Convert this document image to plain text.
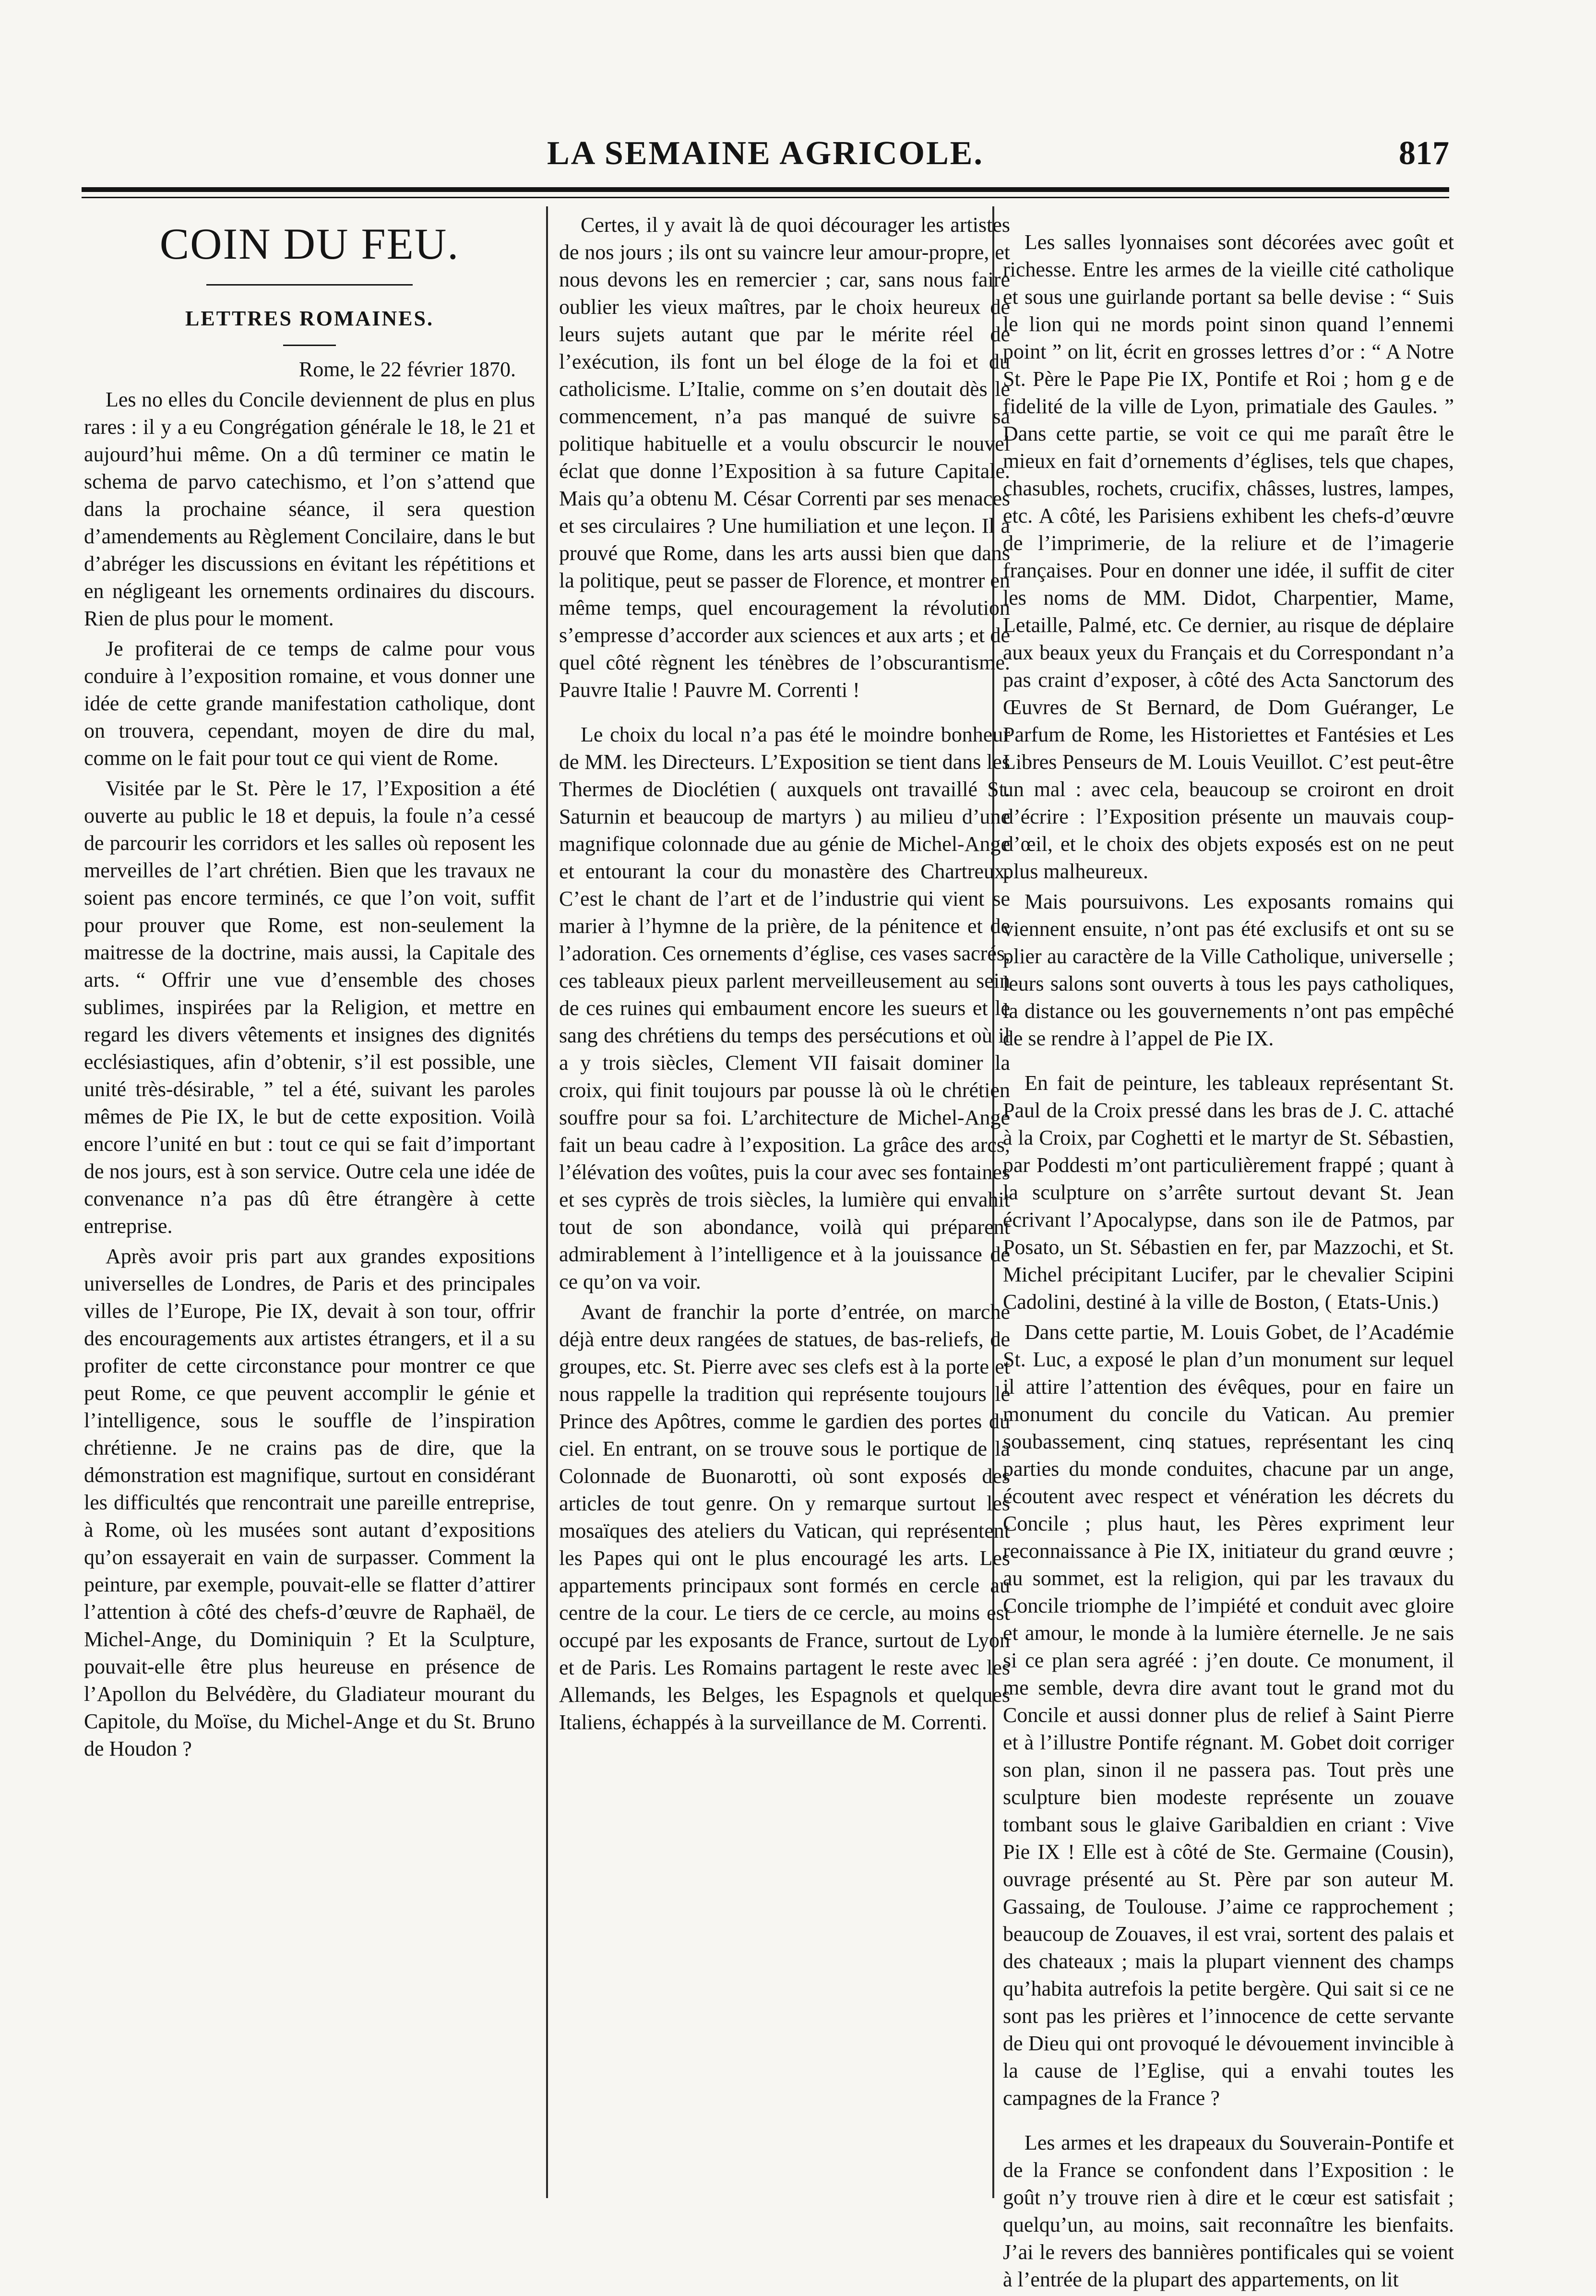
LA SEMAINE AGRICOLE.	817
COIN DU FEU.
LETTRES ROMAINES.
Rome, le 22 février 1870.

Les no elles du Concile deviennent de plus en plus rares : il y a eu Congrégation générale le 18, le 21 et aujourd’hui même. On a dû terminer ce matin le schema de parvo catechismo, et l’on s’attend que dans la prochaine séance, il sera question d’amendements au Règlement Concilaire, dans le but d’abréger les discussions en évitant les répétitions et en négligeant les ornements ordinaires du discours. Rien de plus pour le moment.

Je profiterai de ce temps de calme pour vous conduire à l’exposition romaine, et vous donner une idée de cette grande manifestation catholique, dont on trouvera, cependant, moyen de dire du mal, comme on le fait pour tout ce qui vient de Rome.

Visitée par le St. Père le 17, l’Exposition a été ouverte au public le 18 et depuis, la foule n’a cessé de parcourir les corridors et les salles où reposent les merveilles de l’art chrétien. Bien que les travaux ne soient pas encore terminés, ce que l’on voit, suffit pour prouver que Rome, est non-seulement la maitresse de la doctrine, mais aussi, la Capitale des arts. “ Offrir une vue d’ensemble des choses sublimes, inspirées par la Religion, et mettre en regard les divers vêtements et insignes des dignités ecclésiastiques, afin d’obtenir, s’il est possible, une unité très-désirable, ” tel a été, suivant les paroles mêmes de Pie IX, le but de cette exposition. Voilà encore l’unité en but : tout ce qui se fait d’important de nos jours, est à son service. Outre cela une idée de convenance n’a pas dû être étrangère à cette entreprise.

Après avoir pris part aux grandes expositions universelles de Londres, de Paris et des principales villes de l’Europe, Pie IX, devait à son tour, offrir des encouragements aux artistes étrangers, et il a su profiter de cette circonstance pour montrer ce que peut Rome, ce que peuvent accomplir le génie et l’intelligence, sous le souffle de l’inspiration chrétienne. Je ne crains pas de dire, que la démonstration est magnifique, surtout en considérant les difficultés que rencontrait une pareille entreprise, à Rome, où les musées sont autant d’expositions qu’on essayerait en vain de surpasser. Comment la peinture, par exemple, pouvait-elle se flatter d’attirer l’attention à côté des chefs-d’œuvre de Raphaël, de Michel-Ange, du Dominiquin ? Et la Sculpture, pouvait-elle être plus heureuse en présence de l’Apollon du Belvédère, du Gladiateur mourant du Capitole, du Moïse, du Michel-Ange et du St. Bruno de Houdon ?

Certes, il y avait là de quoi décourager les artistes de nos jours ; ils ont su vaincre leur amour-propre, et nous devons les en remercier ; car, sans nous faire oublier les vieux maîtres, par le choix heureux de leurs sujets autant que par le mérite réel de l’exécution, ils font un bel éloge de la foi et du catholicisme. L’Italie, comme on s’en doutait dès le commencement, n’a pas manqué de suivre sa politique habituelle et a voulu obscurcir le nouvel éclat que donne l’Exposition à sa future Capitale. Mais qu’a obtenu M. César Correnti par ses menaces et ses circulaires ? Une humiliation et une leçon. Il a prouvé que Rome, dans les arts aussi bien que dans la politique, peut se passer de Florence, et montrer en même temps, quel encouragement la révolution s’empresse d’accorder aux sciences et aux arts ; et de quel côté règnent les ténèbres de l’obscurantisme. Pauvre Italie ! Pauvre M. Correnti !

Le choix du local n’a pas été le moindre bonheur de MM. les Directeurs. L’Exposition se tient dans les Thermes de Dioclétien ( auxquels ont travaillé St. Saturnin et beaucoup de martyrs ) au milieu d’une magnifique colonnade due au génie de Michel-Ange et entourant la cour du monastère des Chartreux. C’est le chant de l’art et de l’industrie qui vient se marier à l’hymne de la prière, de la pénitence et de l’adoration. Ces ornements d’église, ces vases sacrés, ces tableaux pieux parlent merveilleusement au sein de ces ruines qui embaument encore les sueurs et le sang des chrétiens du temps des persécutions et où il a y trois siècles, Clement VII faisait dominer la croix, qui finit toujours par pousse là où le chrétien souffre pour sa foi. L’architecture de Michel-Ange fait un beau cadre à l’exposition. La grâce des arcs, l’élévation des voûtes, puis la cour avec ses fontaines et ses cyprès de trois siècles, la lumière qui envahit tout de son abondance, voilà qui préparent admirablement à l’intelligence et à la jouissance de ce qu’on va voir.

Avant de franchir la porte d’entrée, on marche déjà entre deux rangées de statues, de bas-reliefs, de groupes, etc. St. Pierre avec ses clefs est à la porte et nous rappelle la tradition qui représente toujours le Prince des Apôtres, comme le gardien des portes du ciel. En entrant, on se trouve sous le portique de la Colonnade de Buonarotti, où sont exposés des articles de tout genre. On y remarque surtout les mosaïques des ateliers du Vatican, qui représentent les Papes qui ont le plus encouragé les arts. Les appartements principaux sont formés en cercle au centre de la cour. Le tiers de ce cercle, au moins est occupé par les exposants de France, surtout de Lyon et de Paris. Les Romains partagent le reste avec les Allemands, les Belges, les Espagnols et quelques Italiens, échappés à la surveillance de M. Correnti.

Les salles lyonnaises sont décorées avec goût et richesse. Entre les armes de la vieille cité catholique et sous une guirlande portant sa belle devise : “ Suis le lion qui ne mords point sinon quand l’ennemi point ” on lit, écrit en grosses lettres d’or : “ A Notre St. Père le Pape Pie IX, Pontife et Roi ; hom g e de fidelité de la ville de Lyon, primatiale des Gaules. ” Dans cette partie, se voit ce qui me paraît être le mieux en fait d’ornements d’églises, tels que chapes, chasubles, rochets, crucifix, châsses, lustres, lampes, etc. A côté, les Parisiens exhibent les chefs-d’œuvre de l’imprimerie, de la reliure et de l’imagerie françaises. Pour en donner une idée, il suffit de citer les noms de MM. Didot, Charpentier, Mame, Letaille, Palmé, etc. Ce dernier, au risque de déplaire aux beaux yeux du Français et du Correspondant n’a pas craint d’exposer, à côté des Acta Sanctorum des Œuvres de St Bernard, de Dom Guéranger, Le Parfum de Rome, les Historiettes et Fantésies et Les Libres Penseurs de M. Louis Veuillot. C’est peut-être un mal : avec cela, beaucoup se croiront en droit d’écrire : l’Exposition présente un mauvais coup-d’œil, et le choix des objets exposés est on ne peut plus malheureux.

Mais poursuivons. Les exposants romains qui viennent ensuite, n’ont pas été exclusifs et ont su se plier au caractère de la Ville Catholique, universelle ; leurs salons sont ouverts à tous les pays catholiques, la distance ou les gouvernements n’ont pas empêché de se rendre à l’appel de Pie IX.

En fait de peinture, les tableaux représentant St. Paul de la Croix pressé dans les bras de J. C. attaché à la Croix, par Coghetti et le martyr de St. Sébastien, par Poddesti m’ont particulièrement frappé ; quant à la sculpture on s’arrête surtout devant St. Jean écrivant l’Apocalypse, dans son ile de Patmos, par Posato, un St. Sébastien en fer, par Mazzochi, et St. Michel précipitant Lucifer, par le chevalier Scipini Cadolini, destiné à la ville de Boston, ( Etats-Unis.)

Dans cette partie, M. Louis Gobet, de l’Académie St. Luc, a exposé le plan d’un monument sur lequel il attire l’attention des évêques, pour en faire un monument du concile du Vatican. Au premier soubassement, cinq statues, représentant les cinq parties du monde conduites, chacune par un ange, écoutent avec respect et vénération les décrets du Concile ; plus haut, les Pères expriment leur reconnaissance à Pie IX, initiateur du grand œuvre ; au sommet, est la religion, qui par les travaux du Concile triomphe de l’impiété et conduit avec gloire et amour, le monde à la lumière éternelle. Je ne sais si ce plan sera agréé : j’en doute. Ce monument, il me semble, devra dire avant tout le grand mot du Concile et aussi donner plus de relief à Saint Pierre et à l’illustre Pontife régnant. M. Gobet doit corriger son plan, sinon il ne passera pas. Tout près une sculpture bien modeste représente un zouave tombant sous le glaive Garibaldien en criant : Vive Pie IX ! Elle est à côté de Ste. Germaine (Cousin), ouvrage présenté au St. Père par son auteur M. Gassaing, de Toulouse. J’aime ce rapprochement ; beaucoup de Zouaves, il est vrai, sortent des palais et des chateaux ; mais la plupart viennent des champs qu’habita autrefois la petite bergère. Qui sait si ce ne sont pas les prières et l’innocence de cette servante de Dieu qui ont provoqué le dévouement invincible à la cause de l’Eglise, qui a envahi toutes les campagnes de la France ?

Les armes et les drapeaux du Souverain-Pontife et de la France se confondent dans l’Exposition : le goût n’y trouve rien à dire et le cœur est satisfait ; quelqu’un, au moins, sait reconnaître les bienfaits. J’ai le revers des bannières pontificales qui se voient à l’entrée de la plupart des appartements, on lit
